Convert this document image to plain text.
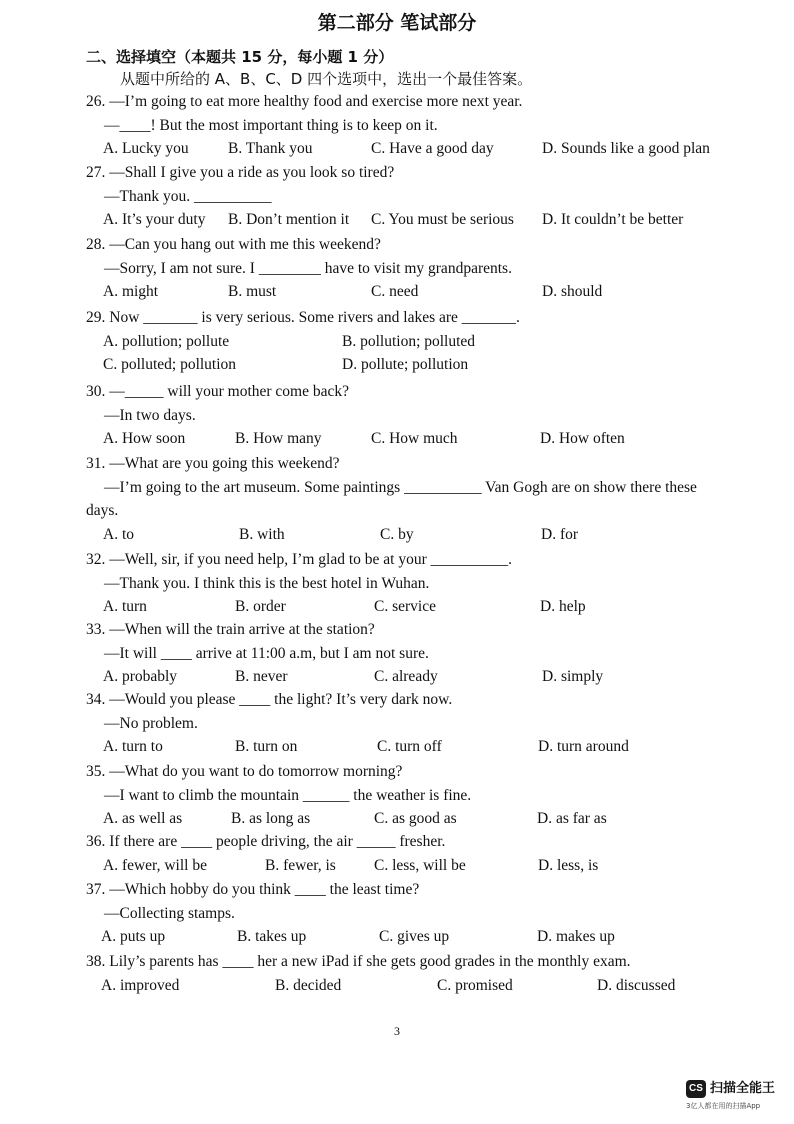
第二部分 笔试部分
二、选择填空（本题共 15 分，每小题 1 分）
从题中所给的 A、B、C、D 四个选项中，选出一个最佳答案。
26. —I’m going to eat more healthy food and exercise more next year.
—____! But the most important thing is to keep on it.
A. Lucky you	B. Thank you	C. Have a good day	D. Sounds like a good plan
27. —Shall I give you a ride as you look so tired?
—Thank you. __________
A. It’s your duty B. Don’t mention it C. You must be serious D. It couldn’t be better
28. —Can you hang out with me this weekend?
—Sorry, I am not sure. I ________ have to visit my grandparents.
A. might	B. must	C. need	D. should
29. Now _______ is very serious. Some rivers and lakes are _______.
A. pollution; pollute	B. pollution; polluted
C. polluted; pollution	D. pollute; pollution
30. —_____ will your mother come back?
—In two days.
A. How soon	B. How many	C. How much	D. How often
31. —What are you going this weekend?
—I’m going to the art museum. Some paintings __________ Van Gogh are on show there these
days.
A. to	B. with	C. by	D. for
32. —Well, sir, if you need help, I’m glad to be at your __________.
—Thank you. I think this is the best hotel in Wuhan.
A. turn	B. order	C. service	D. help
33. —When will the train arrive at the station?
—It will ____ arrive at 11:00 a.m, but I am not sure.
A. probably	B. never	C. already	D. simply
34. —Would you please ____ the light? It’s very dark now.
—No problem.
A. turn to	B. turn on	C. turn off	D. turn around
35. —What do you want to do tomorrow morning?
—I want to climb the mountain ______ the weather is fine.
A. as well as	B. as long as	C. as good as	D. as far as
36. If there are ____ people driving, the air _____ fresher.
A. fewer, will be	B. fewer, is C. less, will be	D. less, is
37. —Which hobby do you think ____ the least time?
—Collecting stamps.
A. puts up	B. takes up	C. gives up	D. makes up
38. Lily’s parents has ____ her a new iPad if she gets good grades in the monthly exam.
A. improved	B. decided	C. promised	D. discussed
3
CS 扫描全能王
3亿人都在用的扫描App
